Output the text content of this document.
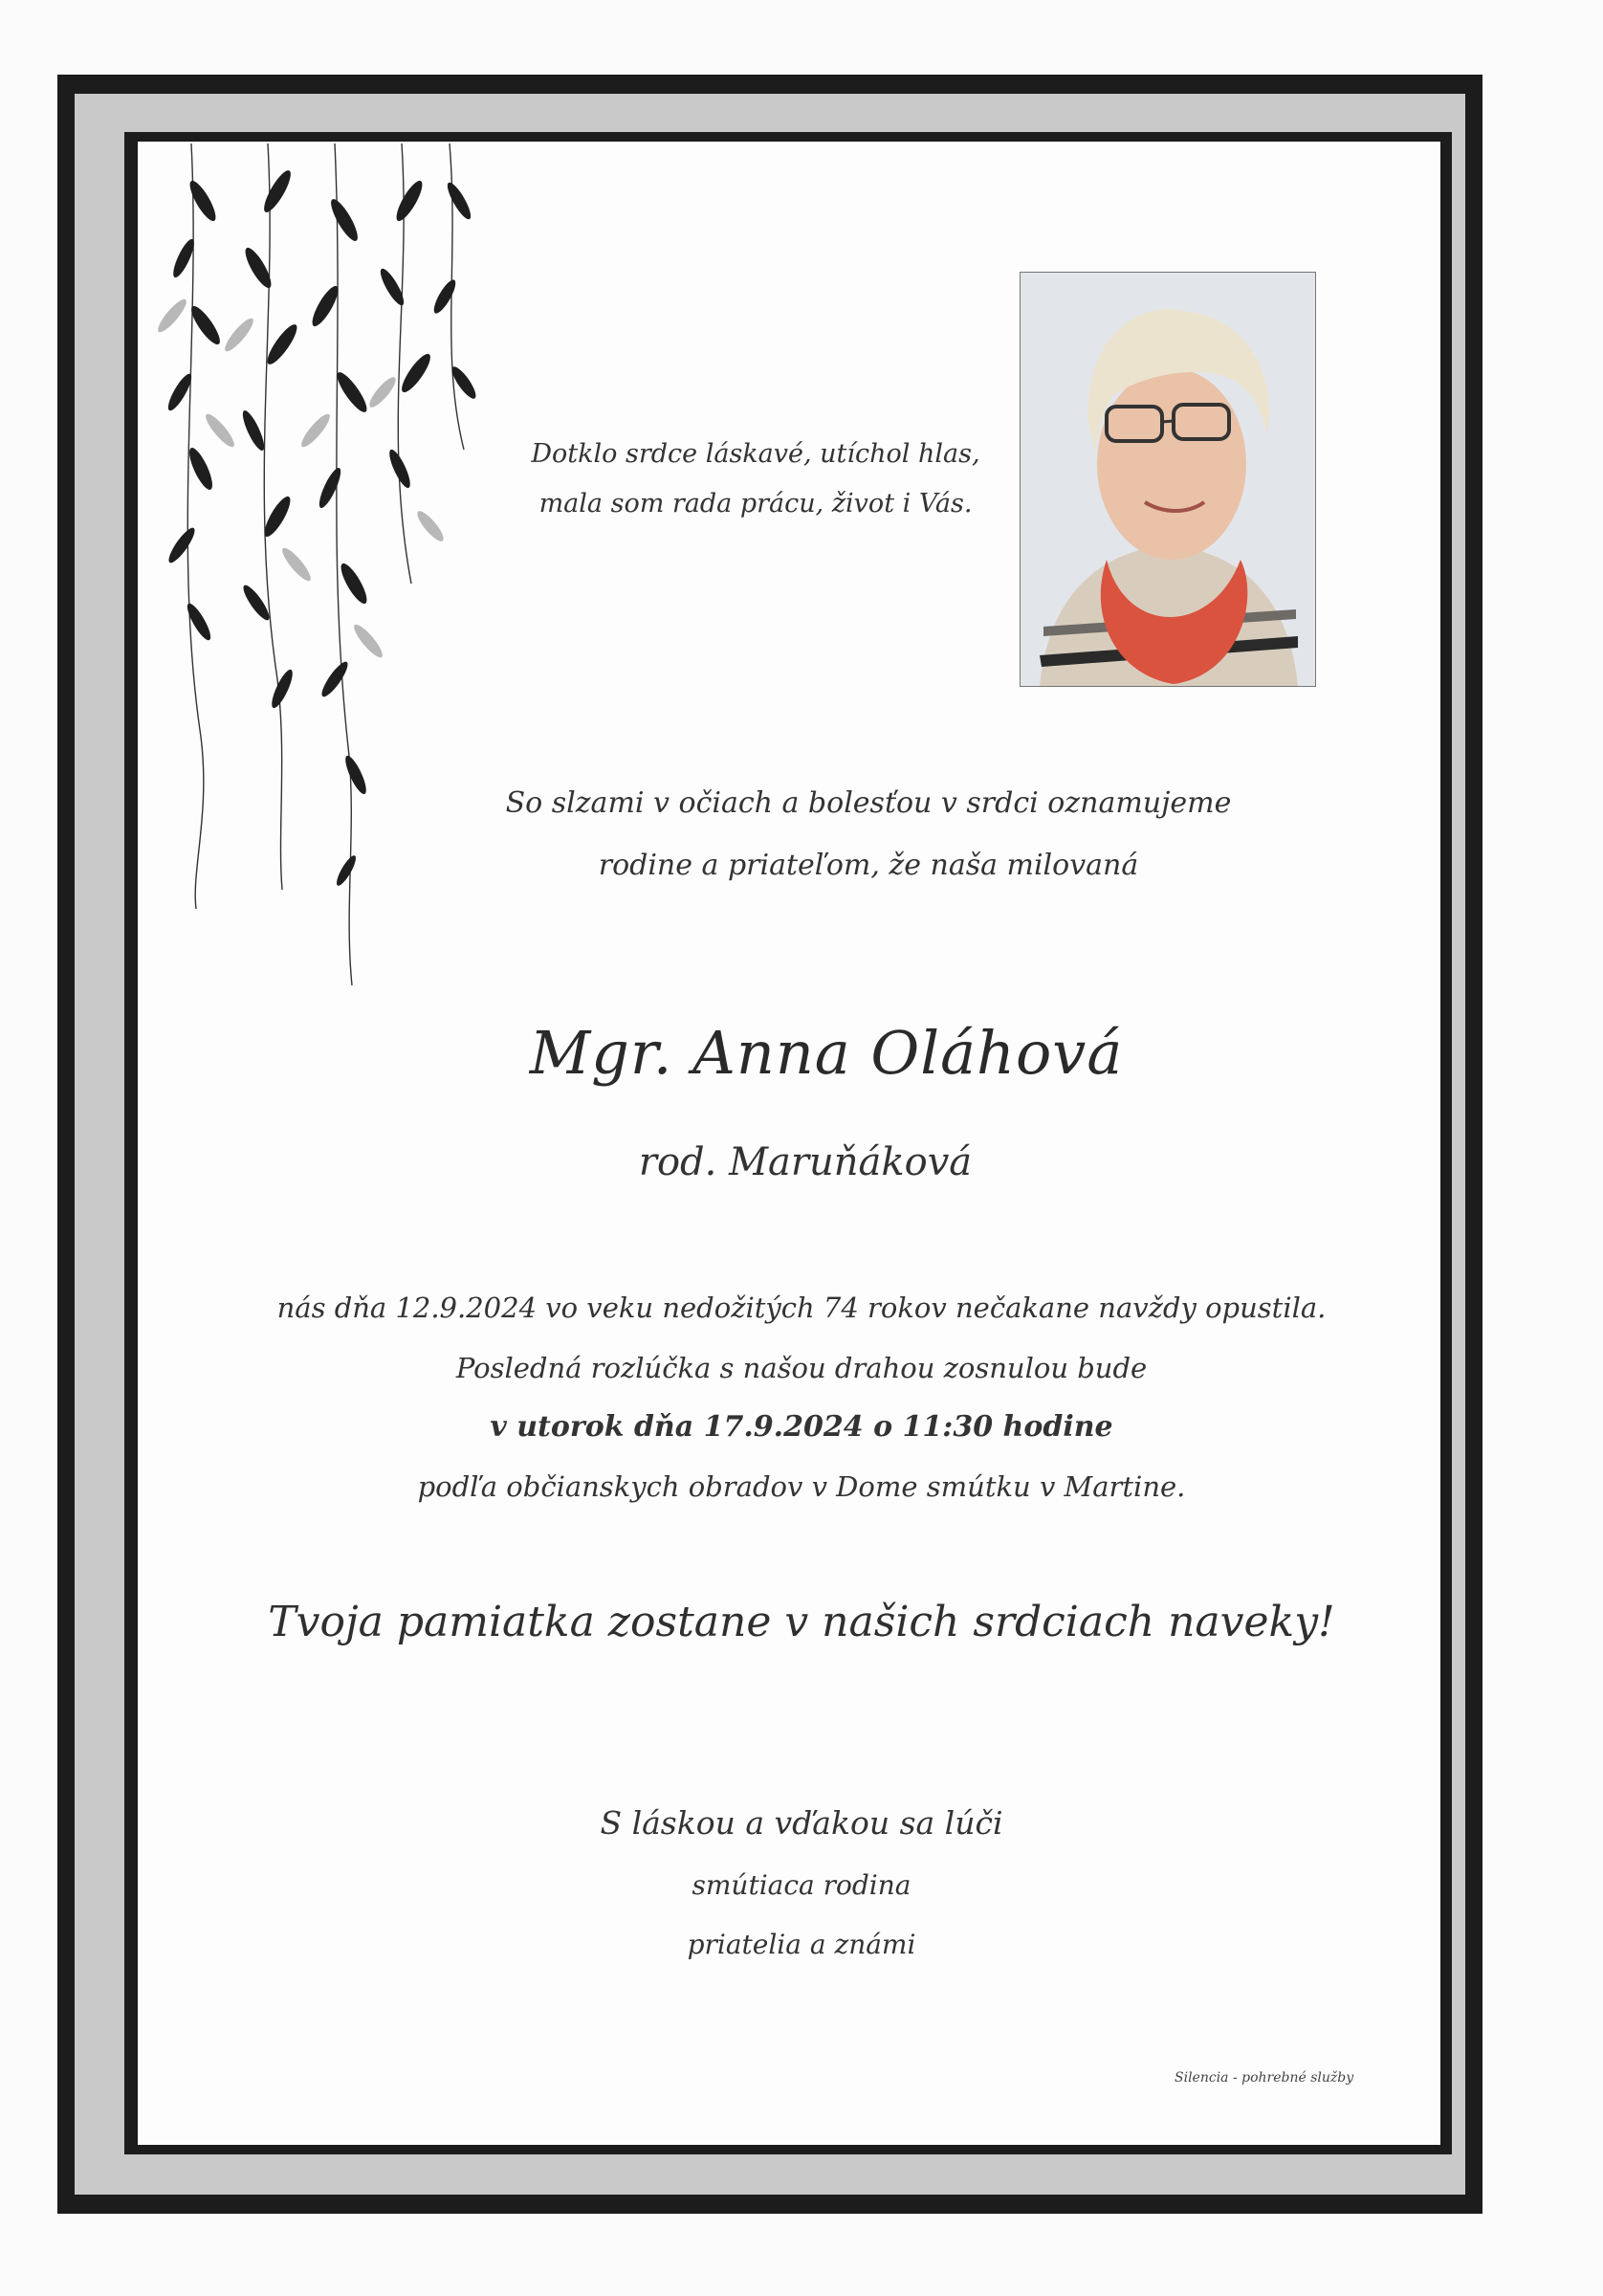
Dotklo srdce láskavé, utíchol hlas,
mala som rada prácu, život i Vás.
So slzami v očiach a bolesťou v srdci oznamujeme
rodine a priateľom, že naša milovaná
Mgr. Anna Oláhová
rod. Maruňáková
nás dňa 12.9.2024 vo veku nedožitých 74 rokov nečakane navždy opustila.
Posledná rozlúčka s našou drahou zosnulou bude
v utorok dňa 17.9.2024 o 11:30 hodine
podľa občianskych obradov v Dome smútku v Martine.
Tvoja pamiatka zostane v našich srdciach naveky!
S láskou a vďakou sa lúči
smútiaca rodina
priatelia a známi
Silencia - pohrebné služby
